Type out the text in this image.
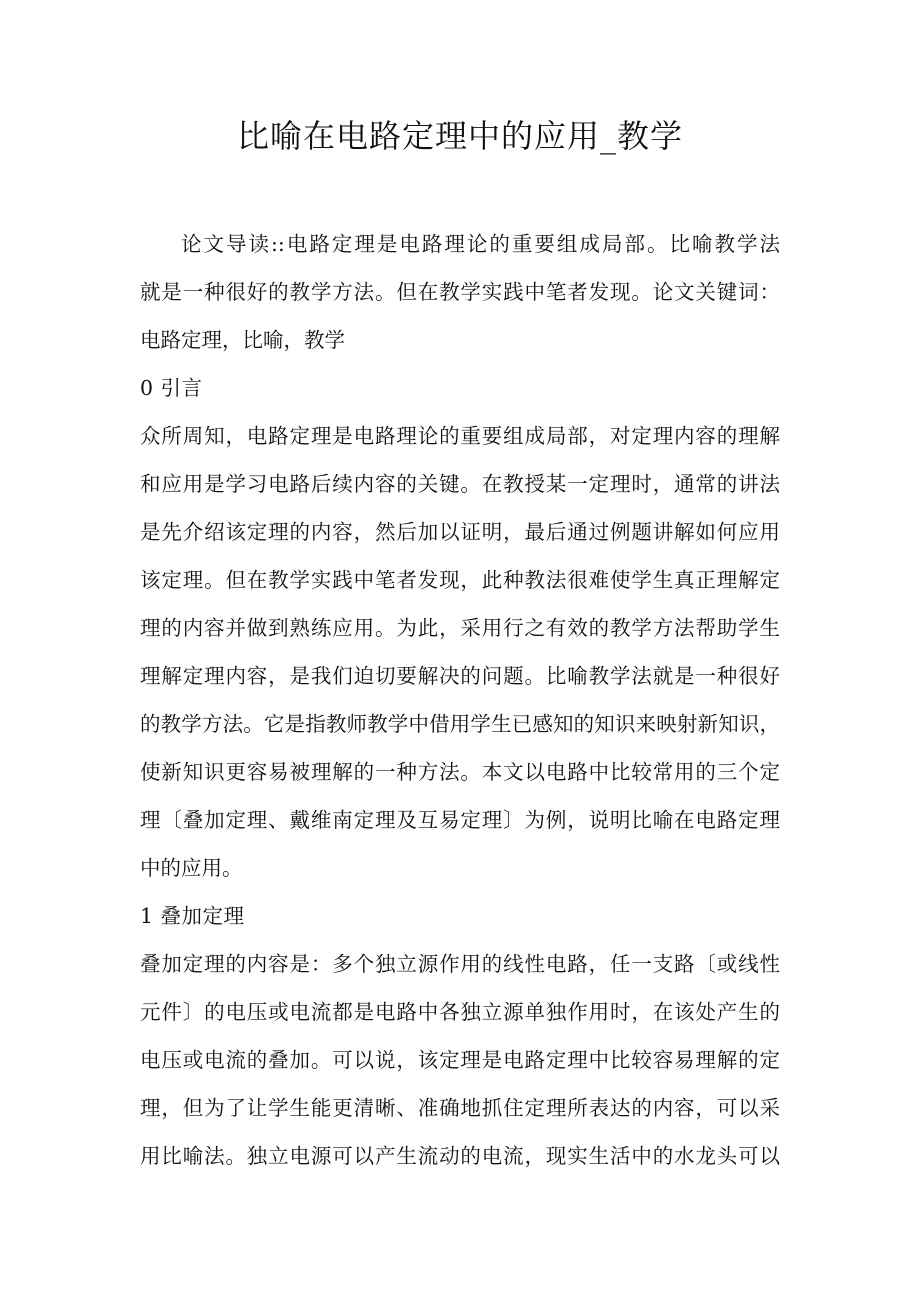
比喻在电路定理中的应用_教学
论文导读::电路定理是电路理论的重要组成局部。比喻教学法
就是一种很好的教学方法。但在教学实践中笔者发现。论文关键词：
电路定理，比喻，教学
0 引言
众所周知，电路定理是电路理论的重要组成局部，对定理内容的理解
和应用是学习电路后续内容的关键。在教授某一定理时，通常的讲法
是先介绍该定理的内容，然后加以证明，最后通过例题讲解如何应用
该定理。但在教学实践中笔者发现，此种教法很难使学生真正理解定
理的内容并做到熟练应用。为此，采用行之有效的教学方法帮助学生
理解定理内容，是我们迫切要解决的问题。比喻教学法就是一种很好
的教学方法。它是指教师教学中借用学生已感知的知识来映射新知识，
使新知识更容易被理解的一种方法。本文以电路中比较常用的三个定
理〔叠加定理、戴维南定理及互易定理〕为例，说明比喻在电路定理
中的应用。
1 叠加定理
叠加定理的内容是：多个独立源作用的线性电路，任一支路〔或线性
元件〕的电压或电流都是电路中各独立源单独作用时，在该处产生的
电压或电流的叠加。可以说，该定理是电路定理中比较容易理解的定
理，但为了让学生能更清晰、准确地抓住定理所表达的内容，可以采
用比喻法。独立电源可以产生流动的电流，现实生活中的水龙头可以
